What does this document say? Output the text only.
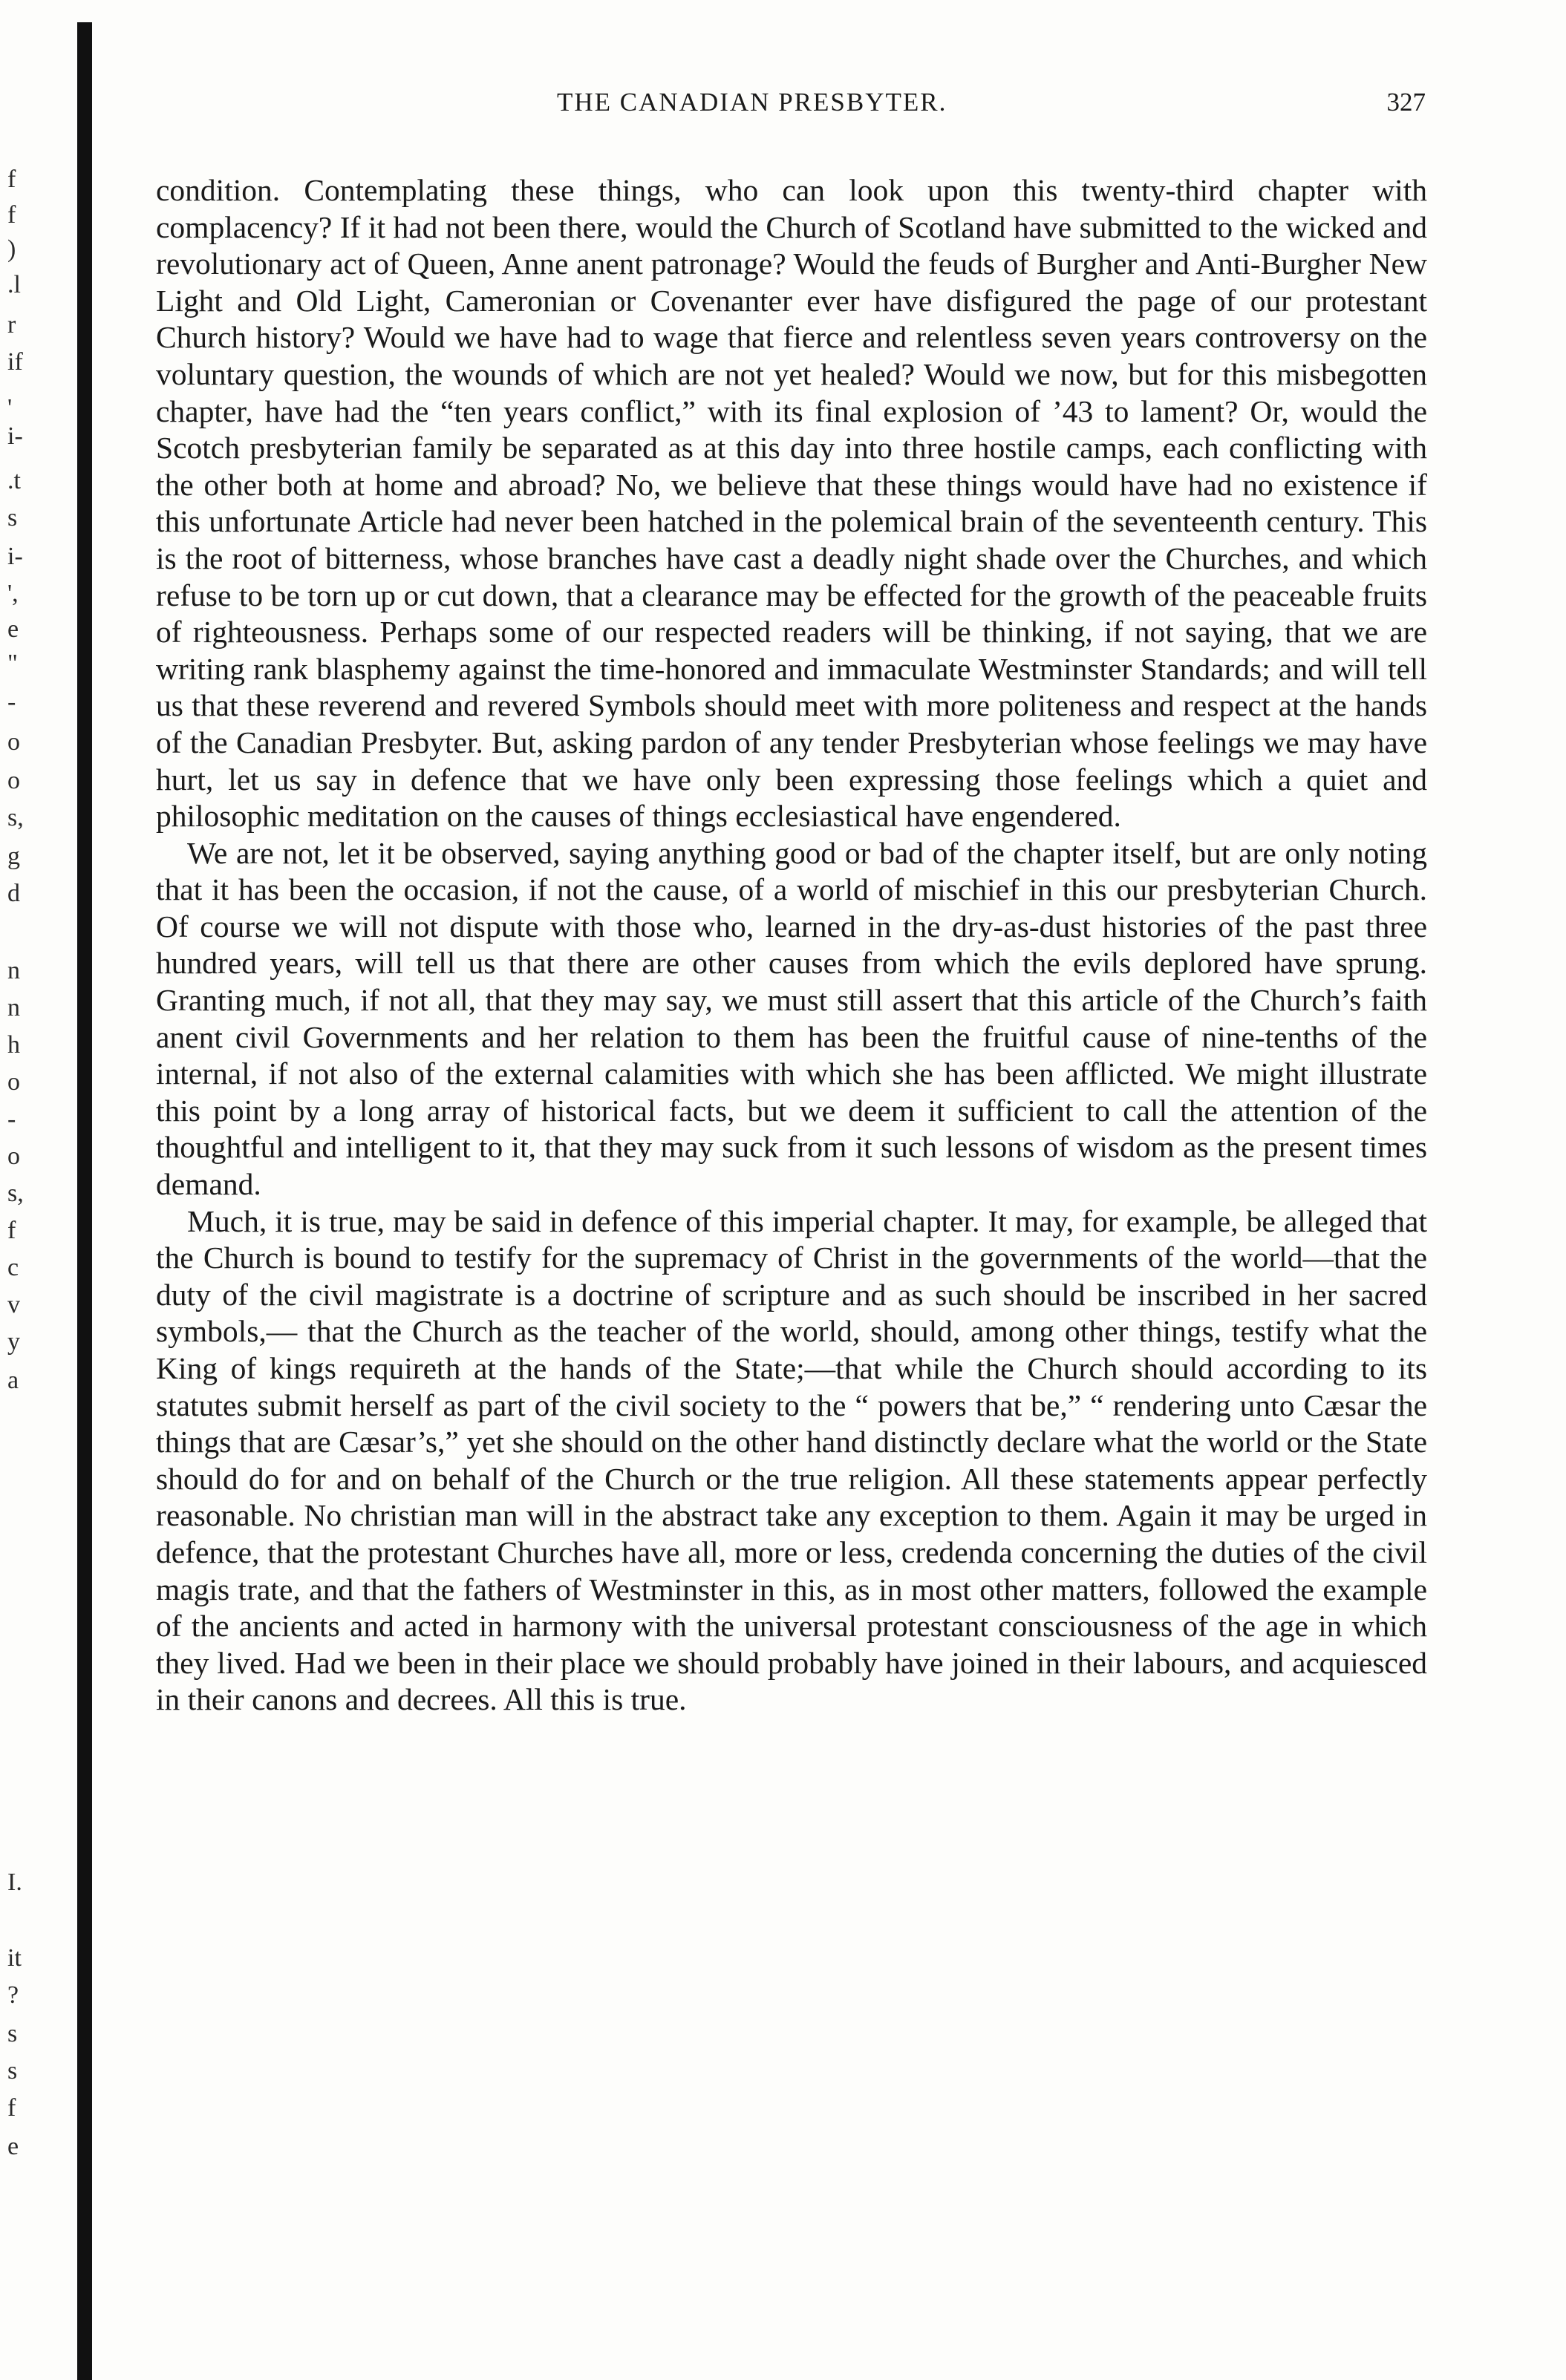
f
f
)
.l
r
if
'
i-
.t
s
i-
',
e
"
-
o
o
s,
g
d
n
n
h
o
-
o
s,
f
c
v
y
a
I.
it
?
s
s
f
e
THE CANADIAN PRESBYTER.	327

condition. Contemplating these things, who can look upon this twenty-third chapter with complacency? If it had not been there, would the Church of Scotland have submitted to the wicked and revolutionary act of Queen, Anne anent patronage? Would the feuds of Burgher and Anti-Burgher New Light and Old Light, Cameronian or Covenanter ever have disfigured the page of our protestant Church history? Would we have had to wage that fierce and relentless seven years controversy on the voluntary question, the wounds of which are not yet healed? Would we now, but for this misbegotten chapter, have had the “ten years conflict,” with its final explosion of ’43 to lament? Or, would the Scotch presbyterian family be separated as at this day into three hostile camps, each conflicting with the other both at home and abroad? No, we believe that these things would have had no existence if this unfortunate Article had never been hatched in the polemical brain of the seventeenth century. This is the root of bitterness, whose branches have cast a deadly night shade over the Churches, and which refuse to be torn up or cut down, that a clearance may be effected for the growth of the peaceable fruits of righteousness. Perhaps some of our respected readers will be thinking, if not saying, that we are writing rank blasphemy against the time-honored and immaculate Westminster Standards; and will tell us that these reverend and revered Symbols should meet with more politeness and respect at the hands of the Canadian Presbyter. But, asking pardon of any tender Presbyterian whose feelings we may have hurt, let us say in defence that we have only been expressing those feelings which a quiet and philosophic meditation on the causes of things ecclesiastical have engendered.

We are not, let it be observed, saying anything good or bad of the chapter itself, but are only noting that it has been the occasion, if not the cause, of a world of mischief in this our presbyterian Church. Of course we will not dispute with those who, learned in the dry-as-dust histories of the past three hundred years, will tell us that there are other causes from which the evils deplored have sprung. Granting much, if not all, that they may say, we must still assert that this article of the Church’s faith anent civil Governments and her relation to them has been the fruitful cause of nine-tenths of the internal, if not also of the external calamities with which she has been afflicted. We might illustrate this point by a long array of historical facts, but we deem it sufficient to call the attention of the thoughtful and intelligent to it, that they may suck from it such lessons of wisdom as the present times demand.

Much, it is true, may be said in defence of this imperial chapter. It may, for example, be alleged that the Church is bound to testify for the supremacy of Christ in the governments of the world—that the duty of the civil magistrate is a doctrine of scripture and as such should be inscribed in her sacred symbols,— that the Church as the teacher of the world, should, among other things, testify what the King of kings requireth at the hands of the State;—that while the Church should according to its statutes submit herself as part of the civil society to the “ powers that be,” “ rendering unto Cæsar the things that are Cæsar’s,” yet she should on the other hand distinctly declare what the world or the State should do for and on behalf of the Church or the true religion. All these statements appear perfectly reasonable. No christian man will in the abstract take any exception to them. Again it may be urged in defence, that the protestant Churches have all, more or less, credenda concerning the duties of the civil magis trate, and that the fathers of Westminster in this, as in most other matters, followed the example of the ancients and acted in harmony with the universal protestant consciousness of the age in which they lived. Had we been in their place we should probably have joined in their labours, and acquiesced in their canons and decrees. All this is true.
